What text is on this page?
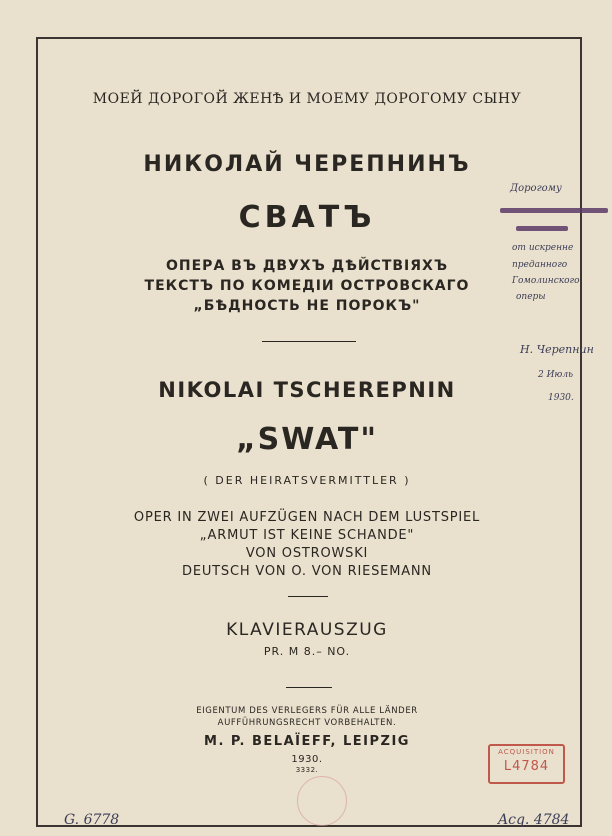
МОЕЙ ДОРОГОЙ ЖЕНѢ И МОЕМУ ДОРОГОМУ СЫНУ
НИКОЛАЙ ЧЕРЕПНИНЪ
СВАТЪ
ОПЕРА ВЪ ДВУХЪ ДѢЙСТВIЯХЪ
ТЕКСТЪ ПО КОМЕДIИ ОСТРОВСКАГО
„БѢДНОСТЬ НЕ ПОРОКЪ"
NIKOLAI TSCHEREPNIN
„SWAT"
( DER HEIRATSVERMITTLER )
OPER IN ZWEI AUFZÜGEN NACH DEM LUSTSPIEL
„ARMUT IST KEINE SCHANDE"
VON OSTROWSKI
DEUTSCH VON O. VON RIESEMANN
KLAVIERAUSZUG
PR. M 8.– NO.
EIGENTUM DES VERLEGERS FÜR ALLE LÄNDER
AUFFÜHRUNGSRECHT VORBEHALTEN.
M. P. BELAÏEFF, LEIPZIG
1930.
3332.
Дорогому
от искренне
преданного
Гомолинского
оперы
Н. Черепнин
2 Июль
1930.
ACQUISITION
L4784
G. 6778	Acq. 4784
